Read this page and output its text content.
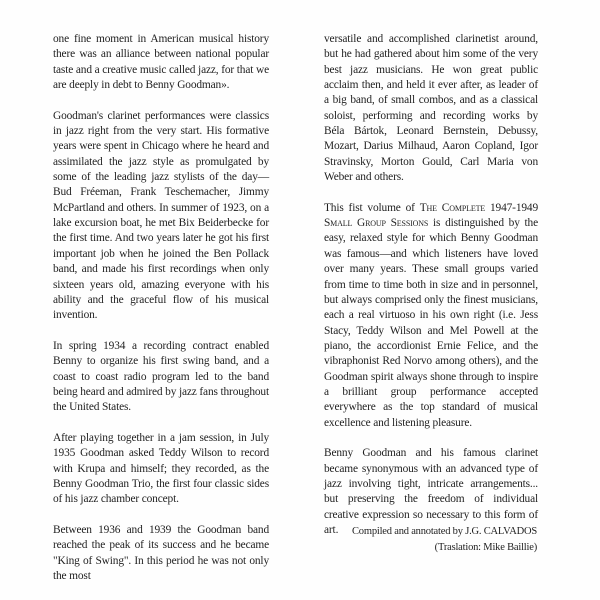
one fine moment in American musical history there was an alliance between national popular taste and a creative music called jazz, for that we are deeply in debt to Benny Goodman».

Goodman's clarinet performances were classics in jazz right from the very start. His formative years were spent in Chicago where he heard and assimilated the jazz style as promulgated by some of the leading jazz stylists of the day—Bud Fréeman, Frank Teschemacher, Jimmy McPartland and others. In summer of 1923, on a lake excursion boat, he met Bix Beiderbecke for the first time. And two years later he got his first important job when he joined the Ben Pollack band, and made his first recordings when only sixteen years old, amazing everyone with his ability and the graceful flow of his musical invention.

In spring 1934 a recording contract enabled Benny to organize his first swing band, and a coast to coast radio program led to the band being heard and admired by jazz fans throughout the United States.

After playing together in a jam session, in July 1935 Goodman asked Teddy Wilson to record with Krupa and himself; they recorded, as the Benny Goodman Trio, the first four classic sides of his jazz chamber concept.

Between 1936 and 1939 the Goodman band reached the peak of its success and he became "King of Swing". In this period he was not only the most

versatile and accomplished clarinetist around, but he had gathered about him some of the very best jazz musicians. He won great public acclaim then, and held it ever after, as leader of a big band, of small combos, and as a classical soloist, performing and recording works by Béla Bártok, Leonard Bernstein, Debussy, Mozart, Darius Milhaud, Aaron Copland, Igor Stravinsky, Morton Gould, Carl Maria von Weber and others.

This fist volume of The Complete 1947-1949 Small Group Sessions is distinguished by the easy, relaxed style for which Benny Goodman was famous—and which listeners have loved over many years. These small groups varied from time to time both in size and in personnel, but always comprised only the finest musicians, each a real virtuoso in his own right (i.e. Jess Stacy, Teddy Wilson and Mel Powell at the piano, the accordionist Ernie Felice, and the vibraphonist Red Norvo among others), and the Goodman spirit always shone through to inspire a brilliant group performance accepted everywhere as the top standard of musical excellence and listening pleasure.

Benny Goodman and his famous clarinet became synonymous with an advanced type of jazz involving tight, intricate arrangements... but preserving the freedom of individual creative expression so necessary to this form of art.	Compiled and annotated by J.G. CALVADOS
(Traslation: Mike Baillie)
